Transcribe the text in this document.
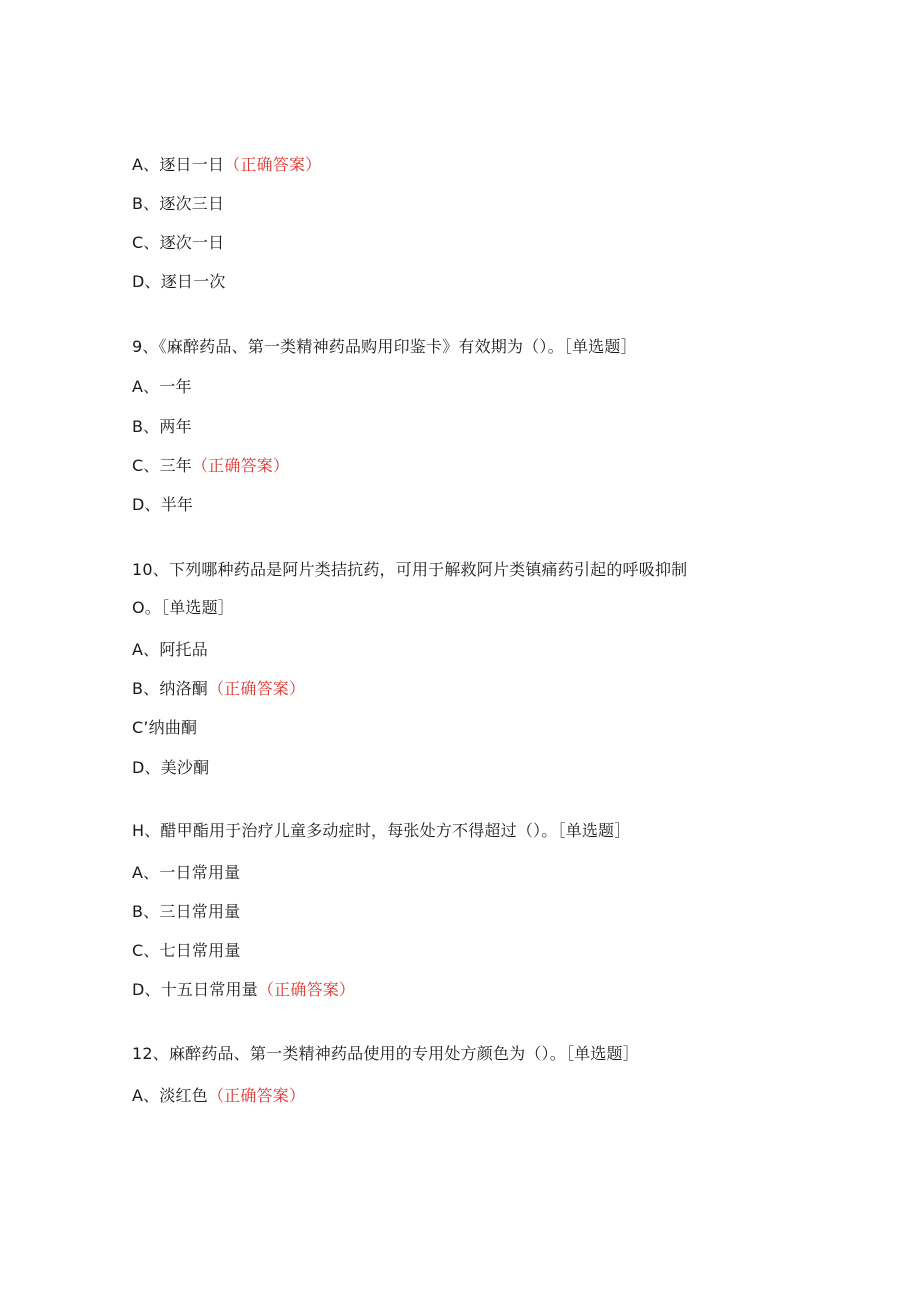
A、逐日一日（正确答案）
B、逐次三日
C、逐次一日
D、逐日一次
9、《麻醉药品、第一类精神药品购用印鉴卡》有效期为（）。［单选题］
A、一年
B、两年
C、三年（正确答案）
D、半年
10、下列哪种药品是阿片类拮抗药，可用于解救阿片类镇痛药引起的呼吸抑制
O。［单选题］
A、阿托品
B、纳洛酮（正确答案）
C’纳曲酮
D、美沙酮
H、醋甲酯用于治疗儿童多动症时，每张处方不得超过（）。［单选题］
A、一日常用量
B、三日常用量
C、七日常用量
D、十五日常用量（正确答案）
12、麻醉药品、第一类精神药品使用的专用处方颜色为（）。［单选题］
A、淡红色（正确答案）
